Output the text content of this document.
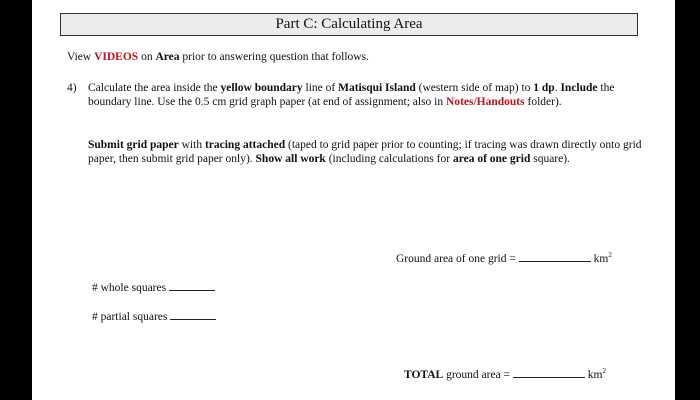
Part C: Calculating Area
View VIDEOS on Area prior to answering question that follows.
4) Calculate the area inside the yellow boundary line of Matisqui Island (western side of map) to 1 dp. Include the boundary line. Use the 0.5 cm grid graph paper (at end of assignment; also in Notes/Handouts folder).
Submit grid paper with tracing attached (taped to grid paper prior to counting; if tracing was drawn directly onto grid paper, then submit grid paper only). Show all work (including calculations for area of one grid square).
Ground area of one grid =	$km^2$
# whole squares
# partial squares
TOTAL ground area =	$km^2$
